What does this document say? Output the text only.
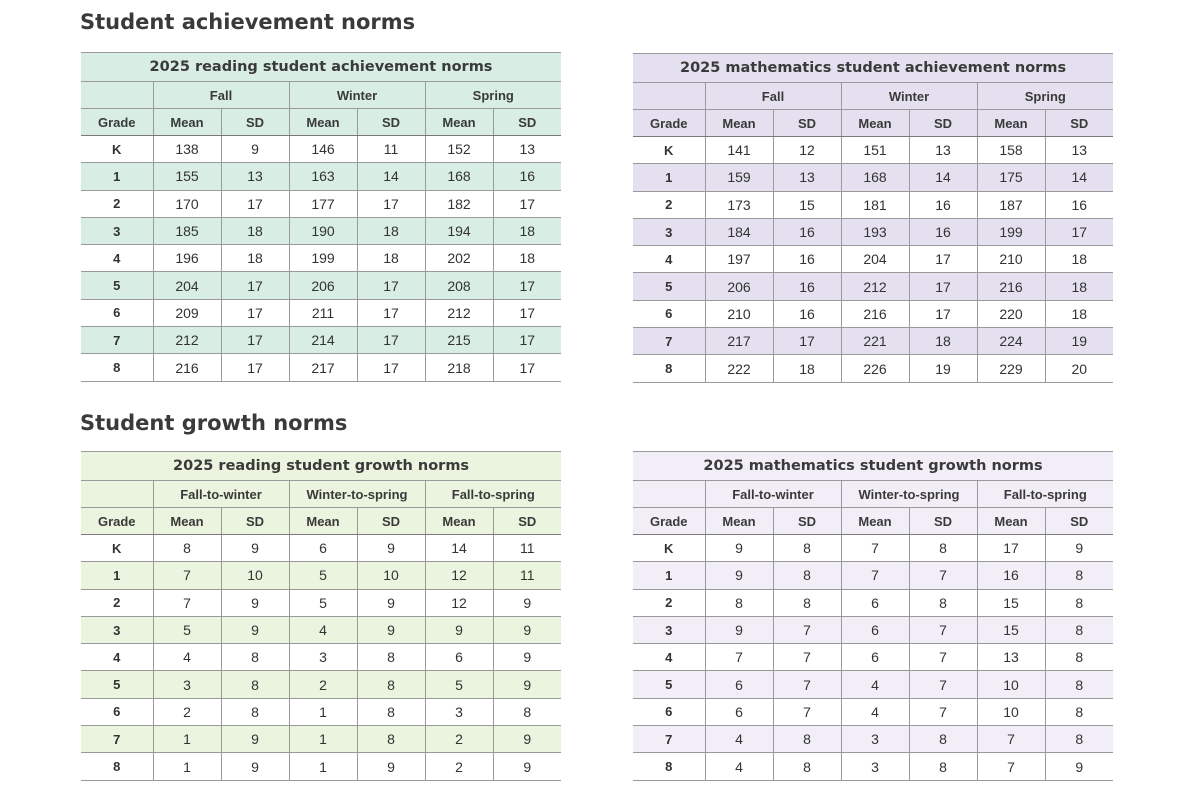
Student achievement norms
2025 reading student achievement norms						
	Fall		Winter		Spring	
Grade	Mean	SD	Mean	SD	Mean	SD
K	138	9	146	11	152	13
1	155	13	163	14	168	16
2	170	17	177	17	182	17
3	185	18	190	18	194	18
4	196	18	199	18	202	18
5	204	17	206	17	208	17
6	209	17	211	17	212	17
7	212	17	214	17	215	17
8	216	17	217	17	218	17
2025 mathematics student achievement norms						
	Fall		Winter		Spring	
Grade	Mean	SD	Mean	SD	Mean	SD
K	141	12	151	13	158	13
1	159	13	168	14	175	14
2	173	15	181	16	187	16
3	184	16	193	16	199	17
4	197	16	204	17	210	18
5	206	16	212	17	216	18
6	210	16	216	17	220	18
7	217	17	221	18	224	19
8	222	18	226	19	229	20
Student growth norms
2025 reading student growth norms						
	Fall-to-winter		Winter-to-spring		Fall-to-spring	
Grade	Mean	SD	Mean	SD	Mean	SD
K	8	9	6	9	14	11
1	7	10	5	10	12	11
2	7	9	5	9	12	9
3	5	9	4	9	9	9
4	4	8	3	8	6	9
5	3	8	2	8	5	9
6	2	8	1	8	3	8
7	1	9	1	8	2	9
8	1	9	1	9	2	9
2025 mathematics student growth norms						
	Fall-to-winter		Winter-to-spring		Fall-to-spring	
Grade	Mean	SD	Mean	SD	Mean	SD
K	9	8	7	8	17	9
1	9	8	7	7	16	8
2	8	8	6	8	15	8
3	9	7	6	7	15	8
4	7	7	6	7	13	8
5	6	7	4	7	10	8
6	6	7	4	7	10	8
7	4	8	3	8	7	8
8	4	8	3	8	7	9
